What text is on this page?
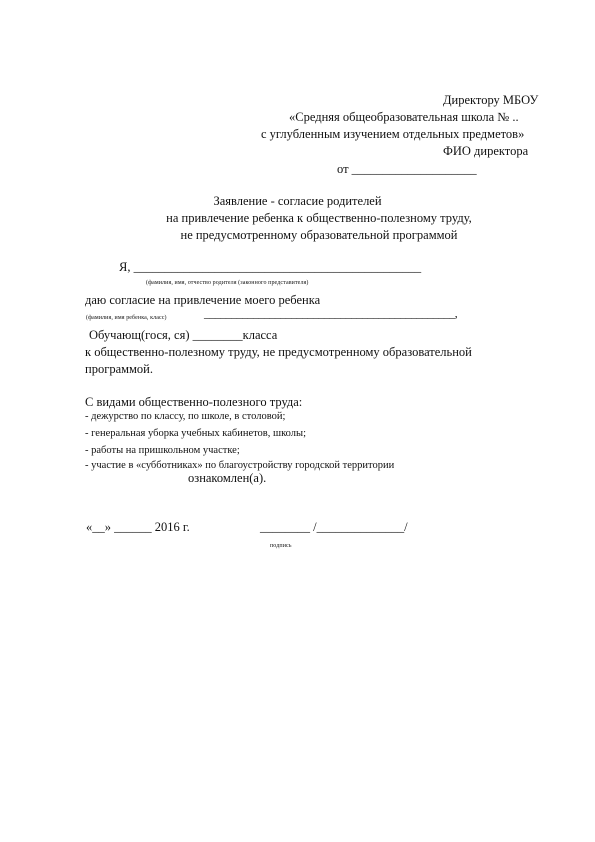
Директору МБОУ
«Средняя общеобразовательная школа № ..
с углубленным изучением отдельных предметов»
ФИО директора
от ____________________
Заявление - согласие родителей
на привлечение ребенка к общественно-полезному труду,
не предусмотренному образовательной программой
Я, ______________________________________________
(фамилия, имя, отчество родителя (законного представителя)
даю согласие на привлечение моего ребенка
(фамилия, имя ребенка, класс)	______________________________________________,
Обучающ(гося, ся) ________класса
к общественно-полезному труду, не предусмотренному образовательной
программой.
С видами общественно-полезного труда:
- дежурство по классу, по школе, в столовой;
- генеральная уборка учебных кабинетов, школы;
- работы на пришкольном участке;
- участие в «субботниках» по благоустройству городской территории
ознакомлен(а).
«__» ______ 2016 г.	________ /______________/
подпись
